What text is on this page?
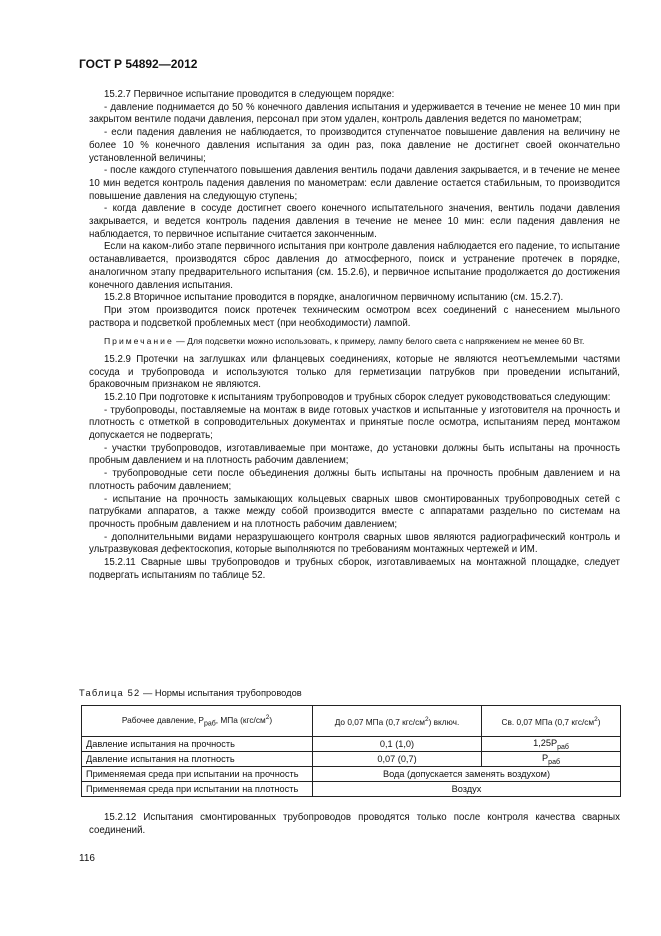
ГОСТ Р 54892—2012

15.2.7 Первичное испытание проводится в следующем порядке:

- давление поднимается до 50 % конечного давления испытания и удерживается в течение не менее 10 мин при закрытом вентиле подачи давления, персонал при этом удален, контроль давления ведется по манометрам;

- если падения давления не наблюдается, то производится ступенчатое повышение давления на величину не более 10 % конечного давления испытания за один раз, пока давление не достигнет своей окончательно установленной величины;

- после каждого ступенчатого повышения давления вентиль подачи давления закрывается, и в течение не менее 10 мин ведется контроль падения давления по манометрам: если давление остается стабильным, то производится повышение давления на следующую ступень;

- когда давление в сосуде достигнет своего конечного испытательного значения, вентиль подачи давления закрывается, и ведется контроль падения давления в течение не менее 10 мин: если падения давления не наблюдается, то первичное испытание считается законченным.

Если на каком-либо этапе первичного испытания при контроле давления наблюдается его падение, то испытание останавливается, производятся сброс давления до атмосферного, поиск и устранение протечек в порядке, аналогичном этапу предварительного испытания (см. 15.2.6), и первичное испытание продолжается до достижения конечного давления испытания.

15.2.8 Вторичное испытание проводится в порядке, аналогичном первичному испытанию (см. 15.2.7).

При этом производится поиск протечек техническим осмотром всех соединений с нанесением мыльного раствора и подсветкой проблемных мест (при необходимости) лампой.

Примечание — Для подсветки можно использовать, к примеру, лампу белого света с напряжением не менее 60 Вт.

15.2.9 Протечки на заглушках или фланцевых соединениях, которые не являются неотъемлемыми частями сосуда и трубопровода и используются только для герметизации патрубков при проведении испытаний, браковочным признаком не являются.

15.2.10 При подготовке к испытаниям трубопроводов и трубных сборок следует руководствоваться следующим:

- трубопроводы, поставляемые на монтаж в виде готовых участков и испытанные у изготовителя на прочность и плотность с отметкой в сопроводительных документах и принятые после осмотра, испытаниям перед монтажом допускается не подвергать;

- участки трубопроводов, изготавливаемые при монтаже, до установки должны быть испытаны на прочность пробным давлением и на плотность рабочим давлением;

- трубопроводные сети после объединения должны быть испытаны на прочность пробным давлением и на плотность рабочим давлением;

- испытание на прочность замыкающих кольцевых сварных швов смонтированных трубопроводных сетей с патрубками аппаратов, а также между собой производится вместе с аппаратами раздельно по системам на прочность пробным давлением и на плотность рабочим давлением;

- дополнительными видами неразрушающего контроля сварных швов являются радиографический контроль и ультразвуковая дефектоскопия, которые выполняются по требованиям монтажных чертежей и ИМ.

15.2.11 Сварные швы трубопроводов и трубных сборок, изготавливаемых на монтажной площадке, следует подвергать испытаниям по таблице 52.

Таблица 52 — Нормы испытания трубопроводов
Рабочее давление, $P_{раб}$, МПа $(кгс/см^2)$	До 0,07 МПа (0,7 кгс/$см^2$) включ.	Св. 0,07 МПа (0,7 кгс/$см^2$)
Давление испытания на прочность	0,1 (1,0)	$1,25P_{раб}$
Давление испытания на плотность	0,07 (0,7)	$P_{раб}$
Применяемая среда при испытании на прочность	Вода (допускается заменять воздухом)	
Применяемая среда при испытании на плотность	Воздух	

15.2.12 Испытания смонтированных трубопроводов проводятся только после контроля качества сварных соединений.

116
